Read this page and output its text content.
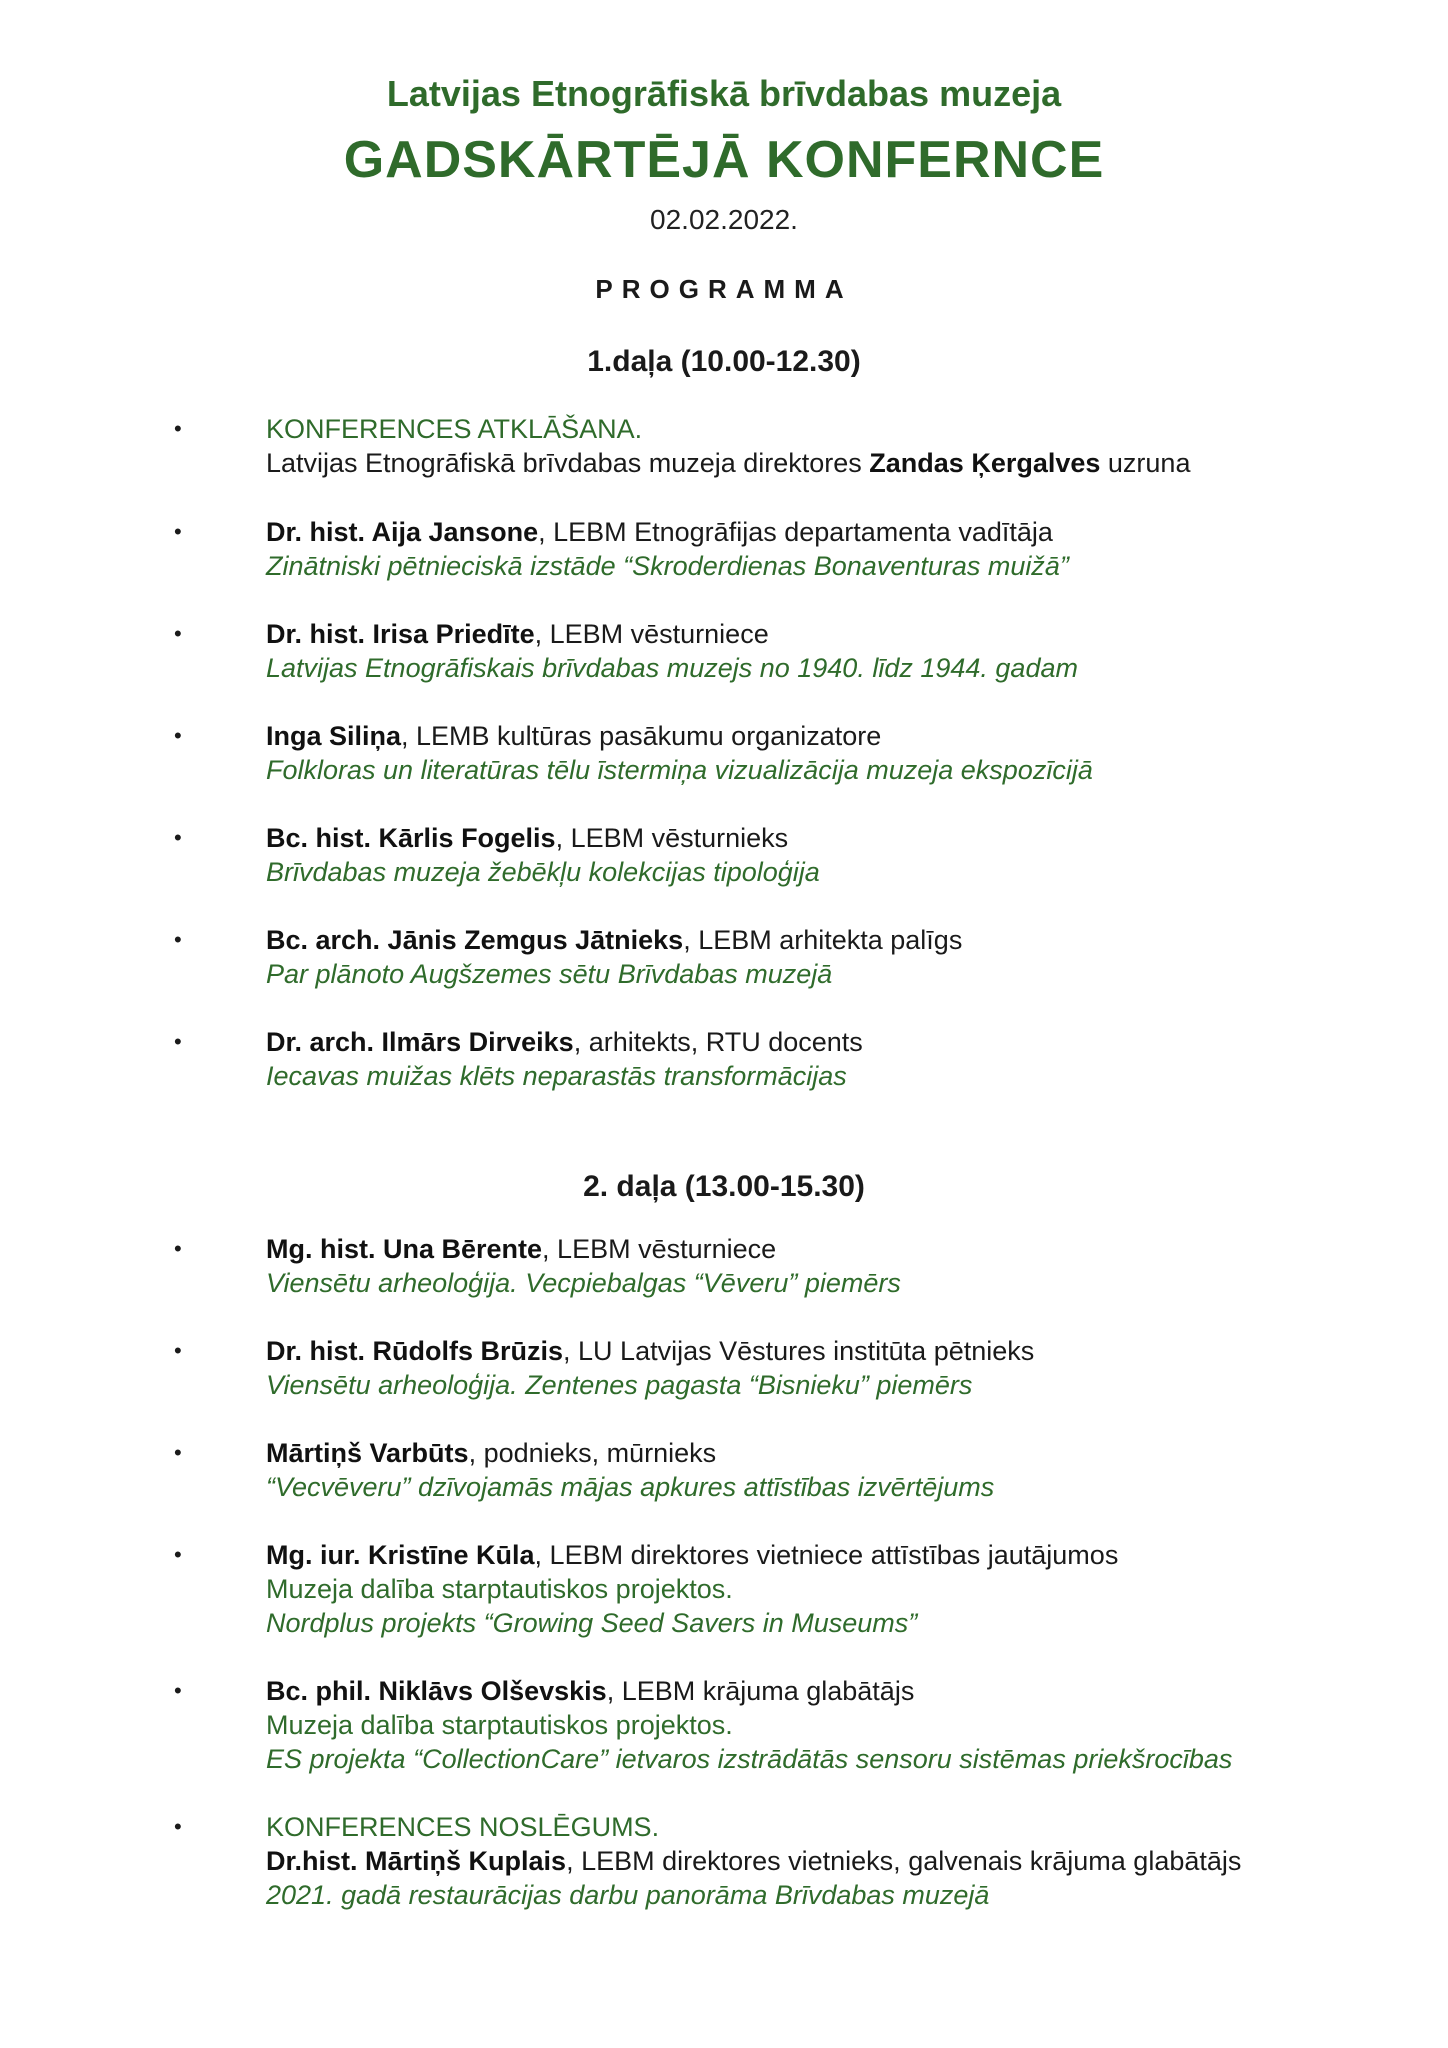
Latvijas Etnogrāfiskā brīvdabas muzeja
GADSKĀRTĒJĀ KONFERNCE
02.02.2022.
PROGRAMMA
1.daļa (10.00-12.30)
•	KONFERENCES ATKLĀŠANA.
Latvijas Etnogrāfiskā brīvdabas muzeja direktores Zandas Ķergalves uzruna
•	Dr. hist. Aija Jansone, LEBM Etnogrāfijas departamenta vadītāja
Zinātniski pētnieciskā izstāde “Skroderdienas Bonaventuras muižā”
•	Dr. hist. Irisa Priedīte, LEBM vēsturniece
Latvijas Etnogrāfiskais brīvdabas muzejs no 1940. līdz 1944. gadam
•	Inga Siliņa, LEMB kultūras pasākumu organizatore
Folkloras un literatūras tēlu īstermiņa vizualizācija muzeja ekspozīcijā
•	Bc. hist. Kārlis Fogelis, LEBM vēsturnieks
Brīvdabas muzeja žebēkļu kolekcijas tipoloģija
•	Bc. arch. Jānis Zemgus Jātnieks, LEBM arhitekta palīgs
Par plānoto Augšzemes sētu Brīvdabas muzejā
•	Dr. arch. Ilmārs Dirveiks, arhitekts, RTU docents
Iecavas muižas klēts neparastās transformācijas
2. daļa (13.00-15.30)
•	Mg. hist. Una Bērente, LEBM vēsturniece
Viensētu arheoloģija. Vecpiebalgas “Vēveru” piemērs
•	Dr. hist. Rūdolfs Brūzis, LU Latvijas Vēstures institūta pētnieks
Viensētu arheoloģija. Zentenes pagasta “Bisnieku” piemērs
•	Mārtiņš Varbūts, podnieks, mūrnieks
“Vecvēveru” dzīvojamās mājas apkures attīstības izvērtējums
•	Mg. iur. Kristīne Kūla, LEBM direktores vietniece attīstības jautājumos
Muzeja dalība starptautiskos projektos.
Nordplus projekts “Growing Seed Savers in Museums”
•	Bc. phil. Niklāvs Olševskis, LEBM krājuma glabātājs
Muzeja dalība starptautiskos projektos.
ES projekta “CollectionCare” ietvaros izstrādātās sensoru sistēmas priekšrocības
•	KONFERENCES NOSLĒGUMS.
Dr.hist. Mārtiņš Kuplais, LEBM direktores vietnieks, galvenais krājuma glabātājs
2021. gadā restaurācijas darbu panorāma Brīvdabas muzejā
